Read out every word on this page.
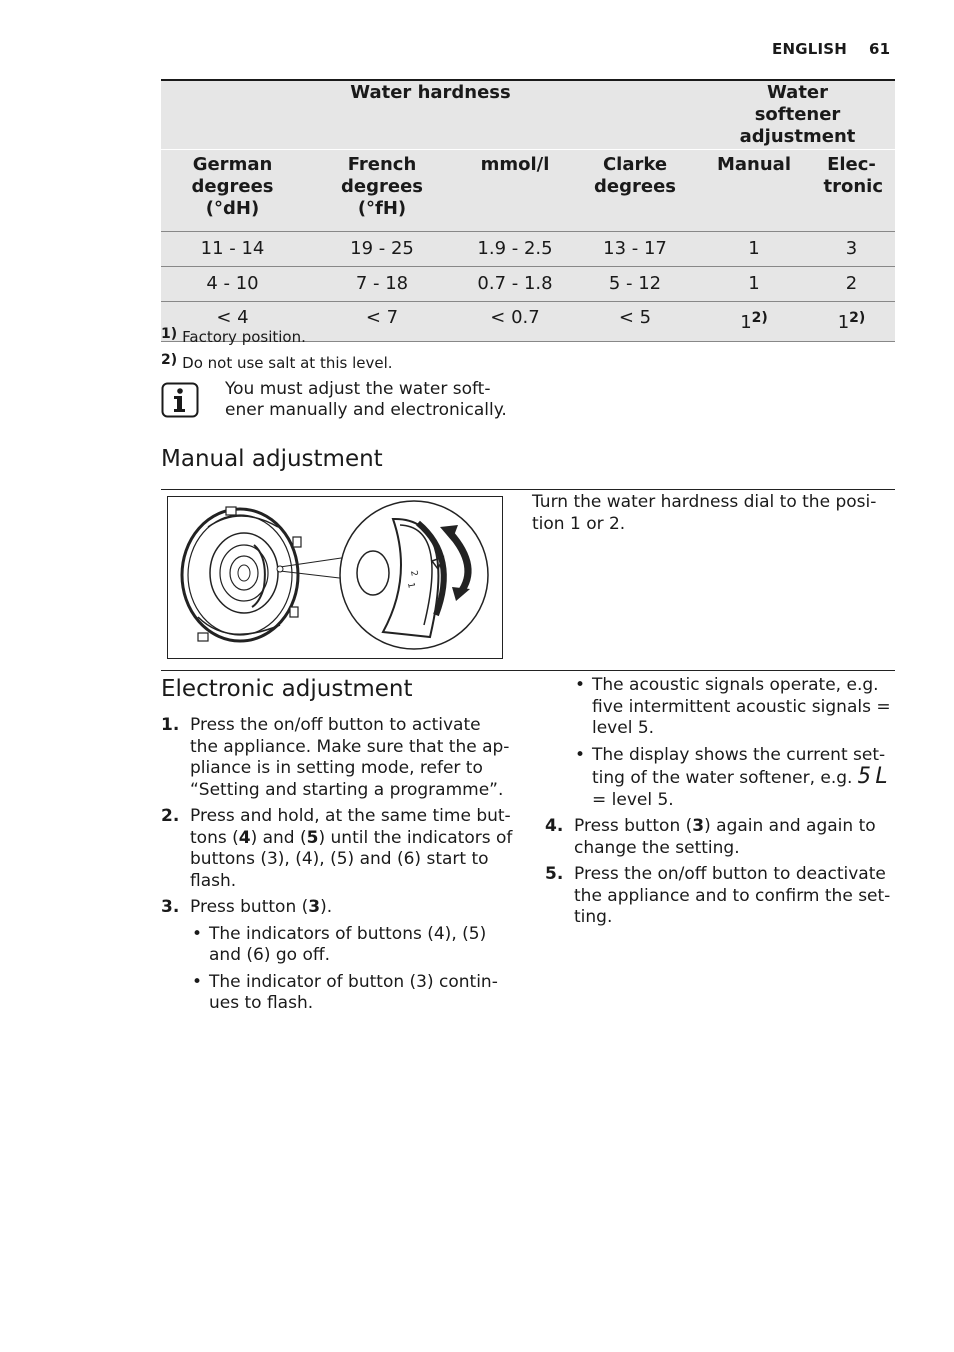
ENGLISH 61
Water hardness				Water softener adjustment	
German degrees (°dH)	French degrees (°fH)	mmol/l	Clarke degrees	Manual	Elec- tronic
11 - 14	19 - 25	1.9 - 2.5	13 - 17	1	3
4 - 10	7 - 18	0.7 - 1.8	5 - 12	1	2
< 4	< 7	< 0.7	< 5	1$^{2)}$	1$^{2)}$
1) Factory position.
2) Do not use salt at this level.
You must adjust the water soft-
ener manually and electronically.
Manual adjustment
2
1
Turn the water hardness dial to the posi-
tion 1 or 2.
Electronic adjustment
1. Press the on/off button to activate
the appliance. Make sure that the ap-
pliance is in setting mode, refer to
“Setting and starting a programme”.
2. Press and hold, at the same time but-
tons (4) and (5) until the indicators of
buttons (3), (4), (5) and (6) start to
flash.
3. Press button (3).
• The indicators of buttons (4), (5)
and (6) go off.
• The indicator of button (3) contin-
ues to flash.
• The acoustic signals operate, e.g.
five intermittent acoustic signals =
level 5.
• The display shows the current set-
ting of the water softener, e.g. 5L
= level 5.
4. Press button (3) again and again to
change the setting.
5. Press the on/off button to deactivate
the appliance and to confirm the set-
ting.
